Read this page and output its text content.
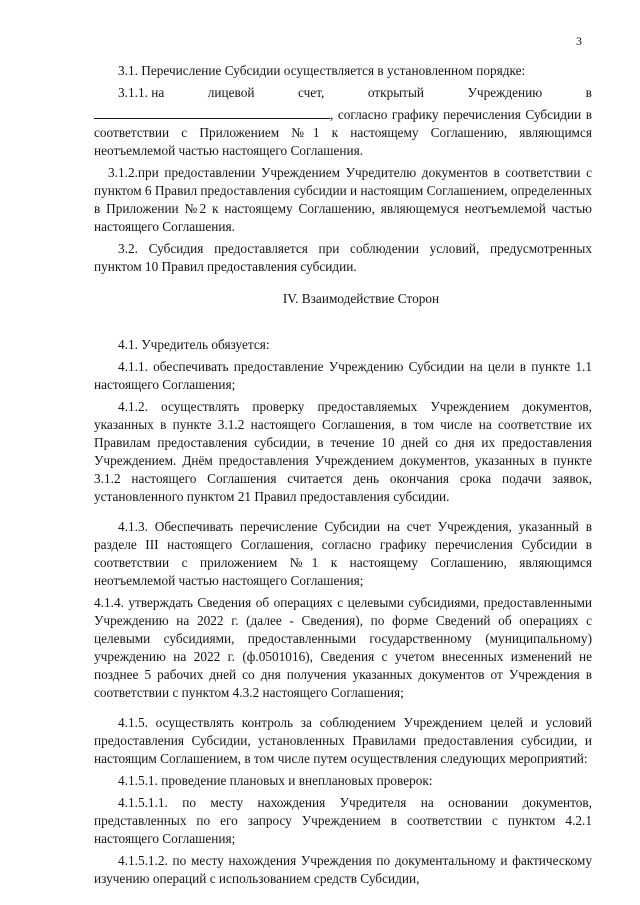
3

3.1. Перечисление Субсидии осуществляется в установленном порядке:

3.1.1. на	лицевой	счет,	открытый	Учреждению	в

, согласно графику перечисления Субсидии в соответствии с Приложением №1 к настоящему Соглашению, являющимся неотъемлемой частью настоящего Соглашения.

3.1.2.при предоставлении Учреждением Учредителю документов в соответствии с пунктом 6 Правил предоставления субсидии и настоящим Соглашением, определенных в Приложении №2 к настоящему Соглашению, являющемуся неотъемлемой частью настоящего Соглашения.

3.2. Субсидия предоставляется при соблюдении условий, предусмотренных пунктом 10 Правил предоставления субсидии.

IV. Взаимодействие Сторон

4.1. Учредитель обязуется:

4.1.1. обеспечивать предоставление Учреждению Субсидии на цели в пункте 1.1 настоящего Соглашения;

4.1.2. осуществлять проверку предоставляемых Учреждением документов, указанных в пункте 3.1.2 настоящего Соглашения, в том числе на соответствие их Правилам предоставления субсидии, в течение 10 дней со дня их предоставления Учреждением. Днём предоставления Учреждением документов, указанных в пункте 3.1.2 настоящего Соглашения считается день окончания срока подачи заявок, установленного пунктом 21 Правил предоставления субсидии.

4.1.3. Обеспечивать перечисление Субсидии на счет Учреждения, указанный в разделе III настоящего Соглашения, согласно графику перечисления Субсидии в соответствии с приложением №1 к настоящему Соглашению, являющимся неотъемлемой частью настоящего Соглашения;

4.1.4. утверждать Сведения об операциях с целевыми субсидиями, предоставленными Учреждению на 2022 г. (далее - Сведения), по форме Сведений об операциях с целевыми субсидиями, предоставленными государственному (муниципальному) учреждению на 2022 г. (ф.0501016), Сведения с учетом внесенных изменений не позднее 5 рабочих дней со дня получения указанных документов от Учреждения в соответствии с пунктом 4.3.2 настоящего Соглашения;

4.1.5. осуществлять контроль за соблюдением Учреждением целей и условий предоставления Субсидии, установленных Правилами предоставления субсидии, и настоящим Соглашением, в том числе путем осуществления следующих мероприятий:

4.1.5.1. проведение плановых и внеплановых проверок:

4.1.5.1.1. по месту нахождения Учредителя на основании документов, представленных по его запросу Учреждением в соответствии с пунктом 4.2.1 настоящего Соглашения;

4.1.5.1.2. по месту нахождения Учреждения по документальному и фактическому изучению операций с использованием средств Субсидии,
